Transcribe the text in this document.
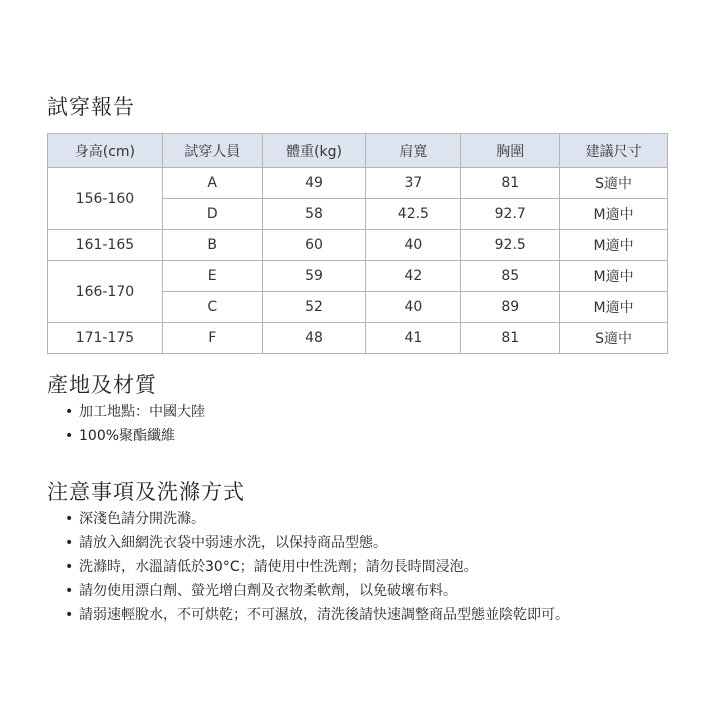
試穿報告
身高(cm)	試穿人員	體重(kg)	肩寬	胸圍	建議尺寸
156-160	A	49	37	81	S適中
	D	58	42.5	92.7	M適中
161-165	B	60	40	92.5	M適中
166-170	E	59	42	85	M適中
	C	52	40	89	M適中
171-175	F	48	41	81	S適中
產地及材質
• 加工地點：中國大陸
• 100%聚酯纖維
注意事項及洗滌方式
• 深淺色請分開洗滌。
• 請放入細網洗衣袋中弱速水洗，以保持商品型態。
• 洗滌時，水溫請低於30°C；請使用中性洗劑；請勿長時間浸泡。
• 請勿使用漂白劑、螢光增白劑及衣物柔軟劑，以免破壞布料。
• 請弱速輕脫水，不可烘乾；不可濕放，清洗後請快速調整商品型態並陰乾即可。
